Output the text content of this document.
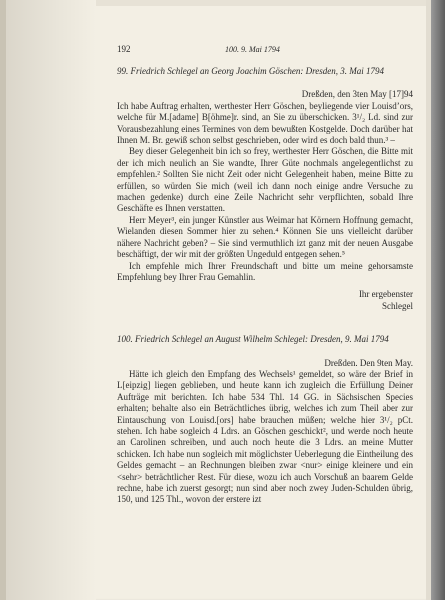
192	100. 9. Mai 1794
99. Friedrich Schlegel an Georg Joachim Göschen: Dresden, 3. Mai 1794
Dreßden, den 3ten May [17]94

Ich habe Auftrag erhalten, werthester Herr Göschen, beyliegende vier Louisd’ors, welche für M.[adame] B[öhme]r. sind, an Sie zu überschicken. 3¹/₂ Ld. sind zur Vorausbezahlung eines Termines von dem bewußten Kostgelde. Doch darüber hat Ihnen M. Br. gewiß schon selbst geschrieben, oder wird es doch bald thun.³ –

Bey dieser Gelegenheit bin ich so frey, werthester Herr Göschen, die Bitte mit der ich mich neulich an Sie wandte, Ihrer Güte nochmals angelegentlichst zu empfehlen.² Sollten Sie nicht Zeit oder nicht Gelegenheit haben, meine Bitte zu erfüllen, so würden Sie mich (weil ich dann noch einige andre Versuche zu machen gedenke) durch eine Zeile Nachricht sehr verpflichten, sobald Ihre Geschäfte es Ihnen verstatten.

Herr Meyer³, ein junger Künstler aus Weimar hat Körnern Hoffnung gemacht, Wielanden diesen Sommer hier zu sehen.⁴ Können Sie uns vielleicht darüber nähere Nachricht geben? – Sie sind vermuthlich izt ganz mit der neuen Ausgabe beschäftigt, der wir mit der größten Ungeduld entgegen sehen.⁵

Ich empfehle mich Ihrer Freundschaft und bitte um meine gehorsamste Empfehlung bey Ihrer Frau Gemahlin.

Ihr ergebenster
Schlegel
100. Friedrich Schlegel an August Wilhelm Schlegel: Dresden, 9. Mai 1794
Dreßden. Den 9ten May.

Hätte ich gleich den Empfang des Wechsels¹ gemeldet, so wäre der Brief in L[eipzig] liegen geblieben, und heute kann ich zugleich die Erfüllung Deiner Aufträge mit berichten. Ich habe 534 Thl. 14 GG. in Sächsischen Species erhalten; behalte also ein Beträchtliches übrig, welches ich zum Theil aber zur Eintauschung von Louisd.[ors] habe brauchen müßen; welche hier 3¹/₂ pCt. stehen. Ich habe sogleich 4 Ldrs. an Göschen geschickt², und werde noch heute an Carolinen schreiben, und auch noch heute die 3 Ldrs. an meine Mutter schicken. Ich habe nun sogleich mit möglichster Ueberlegung die Eintheilung des Geldes gemacht – an Rechnungen bleiben zwar <nur> einige kleinere und ein <sehr> beträchtlicher Rest. Für diese, wozu ich auch Vorschuß an baarem Gelde rechne, habe ich zuerst gesorgt; nun sind aber noch zwey Juden-Schulden übrig, 150, und 125 Thl., wovon der erstere izt
